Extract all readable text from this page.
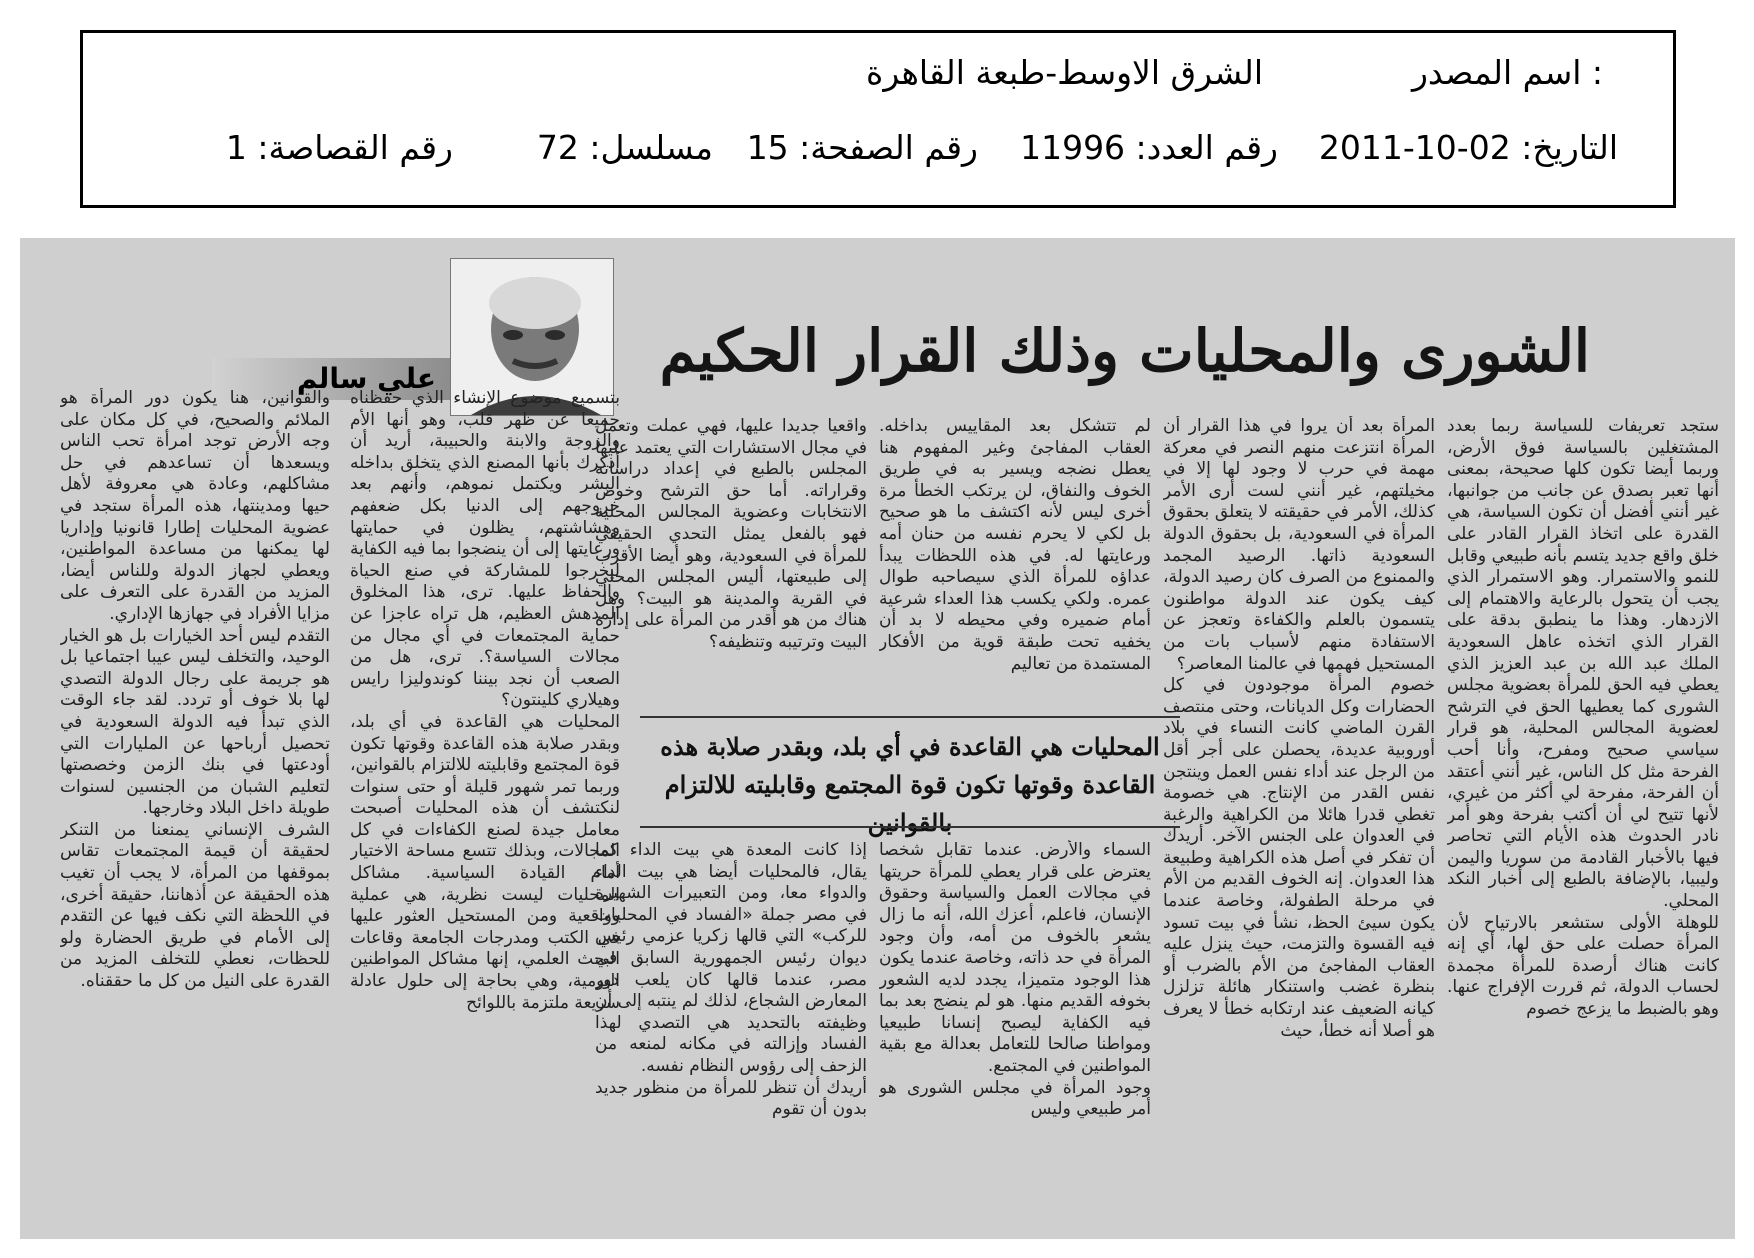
اسم المصدر :
الشرق الاوسط-طبعة القاهرة
التاريخ: 02-10-2011
رقم العدد: 11996
رقم الصفحة: 15
مسلسل: 72
رقم القصاصة: 1
الشورى والمحليات وذلك القرار الحكيم
علي سالم
ستجد تعريفات للسياسة ربما بعدد المشتغلين بالسياسة فوق الأرض، وربما أيضا تكون كلها صحيحة، بمعنى أنها تعبر بصدق عن جانب من جوانبها، غير أنني أفضل أن تكون السياسة، هي القدرة على اتخاذ القرار القادر على خلق واقع جديد يتسم بأنه طبيعي وقابل للنمو والاستمرار. وهو الاستمرار الذي يجب أن يتحول بالرعاية والاهتمام إلى الازدهار. وهذا ما ينطبق بدقة على القرار الذي اتخذه عاهل السعودية الملك عبد الله بن عبد العزيز الذي يعطي فيه الحق للمرأة بعضوية مجلس الشورى كما يعطيها الحق في الترشح لعضوية المجالس المحلية، هو قرار سياسي صحيح ومفرح، وأنا أحب الفرحة مثل كل الناس، غير أنني أعتقد أن الفرحة، مفرحة لي أكثر من غيري، لأنها تتيح لي أن أكتب بفرحة وهو أمر نادر الحدوث هذه الأيام التي تحاصر فيها بالأخبار القادمة من سوريا واليمن وليبيا، بالإضافة بالطبع إلى أخبار النكد المحلي.
للوهلة الأولى ستشعر بالارتياح لأن المرأة حصلت على حق لها، أي إنه كانت هناك أرصدة للمرأة مجمدة لحساب الدولة، ثم قررت الإفراج عنها. وهو بالضبط ما يزعج خصوم
المرأة بعد أن يروا في هذا القرار أن المرأة انتزعت منهم النصر في معركة مهمة في حرب لا وجود لها إلا في مخيلتهم، غير أنني لست أرى الأمر كذلك، الأمر في حقيقته لا يتعلق بحقوق المرأة في السعودية، بل بحقوق الدولة السعودية ذاتها. الرصيد المجمد والممنوع من الصرف كان رصيد الدولة، كيف يكون عند الدولة مواطنون يتسمون بالعلم والكفاءة وتعجز عن الاستفادة منهم لأسباب بات من المستحيل فهمها في عالمنا المعاصر؟
خصوم المرأة موجودون في كل الحضارات وكل الديانات، وحتى منتصف القرن الماضي كانت النساء في بلاد أوروبية عديدة، يحصلن على أجر أقل من الرجل عند أداء نفس العمل وينتجن نفس القدر من الإنتاج. هي خصومة تغطي قدرا هائلا من الكراهية والرغبة في العدوان على الجنس الآخر. أريدك أن تفكر في أصل هذه الكراهية وطبيعة هذا العدوان. إنه الخوف القديم من الأم في مرحلة الطفولة، وخاصة عندما يكون سيئ الحظ، نشأ في بيت تسود فيه القسوة والتزمت، حيث ينزل عليه العقاب المفاجئ من الأم بالضرب أو بنظرة غضب واستنكار هائلة تزلزل كيانه الضعيف عند ارتكابه خطأ لا يعرف هو أصلا أنه خطأ، حيث
لم تتشكل بعد المقاييس بداخله. العقاب المفاجئ وغير المفهوم هنا يعطل نضجه ويسير به في طريق الخوف والنفاق، لن يرتكب الخطأ مرة أخرى ليس لأنه اكتشف ما هو صحيح بل لكي لا يحرم نفسه من حنان أمه ورعايتها له. في هذه اللحظات يبدأ عداؤه للمرأة الذي سيصاحبه طوال عمره. ولكي يكسب هذا العداء شرعية أمام ضميره وفي محيطه لا بد أن يخفيه تحت طبقة قوية من الأفكار المستمدة من تعاليم
واقعيا جديدا عليها، فهي عملت وتعمل في مجال الاستشارات التي يعتمد عليها المجلس بالطبع في إعداد دراساته وقراراته. أما حق الترشح وخوض الانتخابات وعضوية المجالس المحلية فهو بالفعل يمثل التحدي الحقيقي للمرأة في السعودية، وهو أيضا الأقرب إلى طبيعتها، أليس المجلس المحلي في القرية والمدينة هو البيت؟ وهل هناك من هو أقدر من المرأة على إدارة البيت وترتيبه وتنظيفه؟
بتسميع موضوع الإنشاء الذي حفظناه جميعا عن ظهر قلب، وهو أنها الأم والزوجة والابنة والحبيبة، أريد أن أذكرك بأنها المصنع الذي يتخلق بداخله البشر ويكتمل نموهم، وأنهم بعد خروجهم إلى الدنيا بكل ضعفهم وهشاشتهم، يظلون في حمايتها ورعايتها إلى أن ينضجوا بما فيه الكفاية ليخرجوا للمشاركة في صنع الحياة والحفاظ عليها. ترى، هذا المخلوق المدهش العظيم، هل تراه عاجزا عن حماية المجتمعات في أي مجال من مجالات السياسة؟. ترى، هل من الصعب أن نجد بيننا كوندوليزا رايس وهيلاري كلينتون؟
المحليات هي القاعدة في أي بلد، وبقدر صلابة هذه القاعدة وقوتها تكون قوة المجتمع وقابليته للالتزام بالقوانين، وربما تمر شهور قليلة أو حتى سنوات لنكتشف أن هذه المحليات أصبحت معامل جيدة لصنع الكفاءات في كل المجالات، وبذلك تتسع مساحة الاختيار أمام القيادة السياسية. مشاكل المحليات ليست نظرية، هي عملية وواقعية ومن المستحيل العثور عليها في الكتب ومدرجات الجامعة وقاعات البحث العلمي، إنها مشاكل المواطنين اليومية، وهي بحاجة إلى حلول عادلة سريعة ملتزمة باللوائح
والقوانين، هنا يكون دور المرأة هو الملائم والصحيح، في كل مكان على وجه الأرض توجد امرأة تحب الناس ويسعدها أن تساعدهم في حل مشاكلهم، وعادة هي معروفة لأهل حيها ومدينتها، هذه المرأة ستجد في عضوية المحليات إطارا قانونيا وإداريا لها يمكنها من مساعدة المواطنين، ويعطي لجهاز الدولة وللناس أيضا، المزيد من القدرة على التعرف على مزايا الأفراد في جهازها الإداري.
التقدم ليس أحد الخيارات بل هو الخيار الوحيد، والتخلف ليس عيبا اجتماعيا بل هو جريمة على رجال الدولة التصدي لها بلا خوف أو تردد. لقد جاء الوقت الذي تبدأ فيه الدولة السعودية في تحصيل أرباحها عن المليارات التي أودعتها في بنك الزمن وخصصتها لتعليم الشبان من الجنسين لسنوات طويلة داخل البلاد وخارجها.
الشرف الإنساني يمنعنا من التنكر لحقيقة أن قيمة المجتمعات تقاس بموقفها من المرأة، لا يجب أن تغيب هذه الحقيقة عن أذهاننا، حقيقة أخرى، في اللحظة التي نكف فيها عن التقدم إلى الأمام في طريق الحضارة ولو للحظات، نعطي للتخلف المزيد من القدرة على النيل من كل ما حققناه.
المحليات هي القاعدة في أي بلد، وبقدر صلابة هذه القاعدة وقوتها تكون قوة المجتمع وقابليته للالتزام بالقوانين
السماء والأرض. عندما تقابل شخصا يعترض على قرار يعطي للمرأة حريتها في مجالات العمل والسياسة وحقوق الإنسان، فاعلم، أعزك الله، أنه ما زال يشعر بالخوف من أمه، وأن وجود المرأة في حد ذاته، وخاصة عندما يكون هذا الوجود متميزا، يجدد لديه الشعور بخوفه القديم منها. هو لم ينضج بعد بما فيه الكفاية ليصبح إنسانا طبيعيا ومواطنا صالحا للتعامل بعدالة مع بقية المواطنين في المجتمع.
وجود المرأة في مجلس الشورى هو أمر طبيعي وليس
إذا كانت المعدة هي بيت الداء كما يقال، فالمحليات أيضا هي بيت الداء والدواء معا، ومن التعبيرات الشهيرة في مصر جملة «الفساد في المحليات للركب» التي قالها زكريا عزمي رئيس ديوان رئيس الجمهورية السابق في مصر، عندما قالها كان يلعب دور المعارض الشجاع، لذلك لم ينتبه إلى أن وظيفته بالتحديد هي التصدي لهذا الفساد وإزالته في مكانه لمنعه من الزحف إلى رؤوس النظام نفسه.
أريدك أن تنظر للمرأة من منظور جديد بدون أن تقوم
